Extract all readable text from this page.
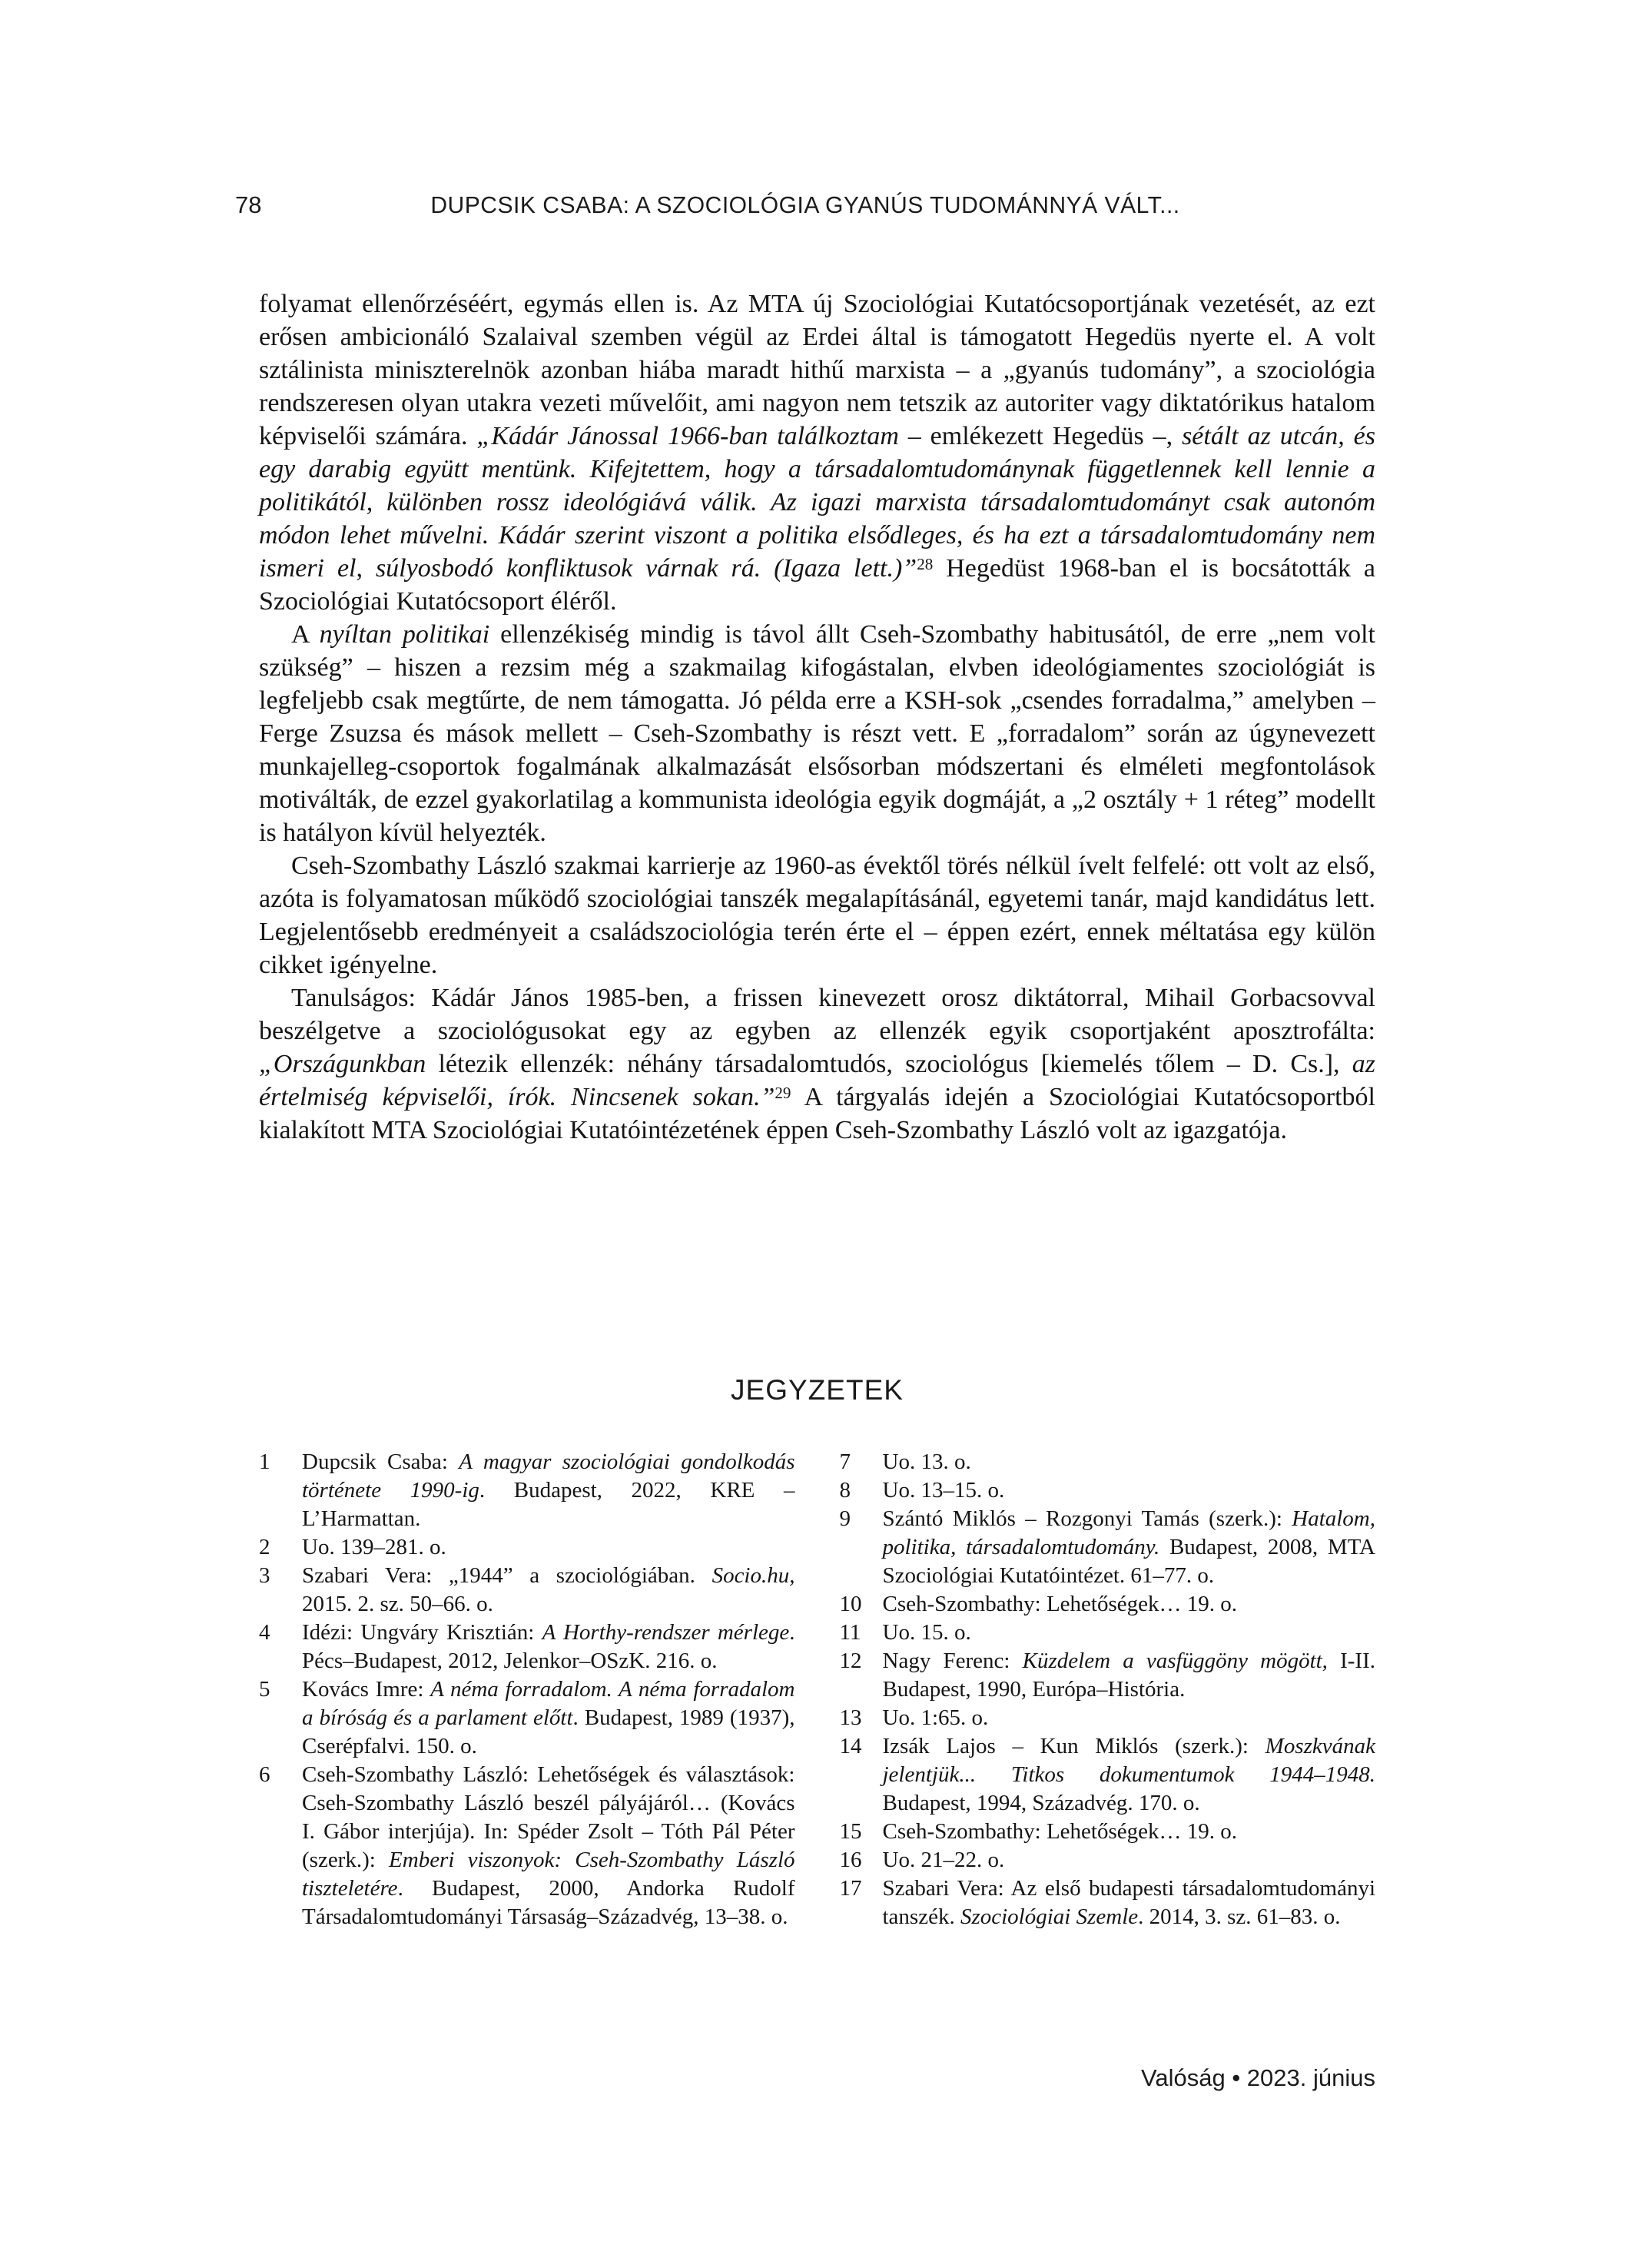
78	DUPCSIK CSABA: A SZOCIOLÓGIA GYANÚS TUDOMÁNNYÁ VÁLT...

folyamat ellenőrzéséért, egymás ellen is. Az MTA új Szociológiai Kutatócsoportjának vezetését, az ezt erősen ambicionáló Szalaival szemben végül az Erdei által is támogatott Hegedüs nyerte el. A volt sztálinista miniszterelnök azonban hiába maradt hithű marxista – a „gyanús tudomány”, a szociológia rendszeresen olyan utakra vezeti művelőit, ami nagyon nem tetszik az autoriter vagy diktatórikus hatalom képviselői számára. „Kádár Jánossal 1966-ban találkoztam – emlékezett Hegedüs –, sétált az utcán, és egy darabig együtt mentünk. Kifejtettem, hogy a társadalomtudománynak függetlennek kell lennie a politikától, különben rossz ideológiává válik. Az igazi marxista társadalomtudományt csak autonóm módon lehet művelni. Kádár szerint viszont a politika elsődleges, és ha ezt a társadalomtudomány nem ismeri el, súlyosbodó konfliktusok várnak rá. (Igaza lett.)”$^{28}$ Hegedüst 1968-ban el is bocsátották a Szociológiai Kutatócsoport éléről.

A nyíltan politikai ellenzékiség mindig is távol állt Cseh-Szombathy habitusától, de erre „nem volt szükség” – hiszen a rezsim még a szakmailag kifogástalan, elvben ideológiamentes szociológiát is legfeljebb csak megtűrte, de nem támogatta. Jó példa erre a KSH-sok „csendes forradalma,” amelyben – Ferge Zsuzsa és mások mellett – Cseh-Szombathy is részt vett. E „forradalom” során az úgynevezett munkajelleg-csoportok fogalmának alkalmazását elsősorban módszertani és elméleti megfontolások motiválták, de ezzel gyakorlatilag a kommunista ideológia egyik dogmáját, a „2 osztály + 1 réteg” modellt is hatályon kívül helyezték.

Cseh-Szombathy László szakmai karrierje az 1960-as évektől törés nélkül ívelt felfelé: ott volt az első, azóta is folyamatosan működő szociológiai tanszék megalapításánál, egyetemi tanár, majd kandidátus lett. Legjelentősebb eredményeit a családszociológia terén érte el – éppen ezért, ennek méltatása egy külön cikket igényelne.

Tanulságos: Kádár János 1985-ben, a frissen kinevezett orosz diktátorral, Mihail Gorbacsovval beszélgetve a szociológusokat egy az egyben az ellenzék egyik csoportjaként aposztrofálta: „Országunkban létezik ellenzék: néhány társadalomtudós, szociológus [kiemelés tőlem – D. Cs.], az értelmiség képviselői, írók. Nincsenek sokan.”$^{29}$ A tárgyalás idején a Szociológiai Kutatócsoportból kialakított MTA Szociológiai Kutatóintézetének éppen Cseh-Szombathy László volt az igazgatója.

JEGYZETEK
1 Dupcsik Csaba: A magyar szociológiai gondolkodás története 1990-ig. Budapest, 2022, KRE – L’Harmattan.
2 Uo. 139–281. o.
3 Szabari Vera: „1944” a szociológiában. Socio.hu, 2015. 2. sz. 50–66. o.
4 Idézi: Ungváry Krisztián: A Horthy-rendszer mérlege. Pécs–Budapest, 2012, Jelenkor–OSzK. 216. o.
5 Kovács Imre: A néma forradalom. A néma forradalom a bíróság és a parlament előtt. Budapest, 1989 (1937), Cserépfalvi. 150. o.
6 Cseh-Szombathy László: Lehetőségek és választások: Cseh-Szombathy László beszél pályájáról… (Kovács I. Gábor interjúja). In: Spéder Zsolt – Tóth Pál Péter (szerk.): Emberi viszonyok: Cseh-Szombathy László tiszteletére. Budapest, 2000, Andorka Rudolf Társadalomtudományi Társaság–Századvég, 13–38. o.
7 Uo. 13. o.
8 Uo. 13–15. o.
9 Szántó Miklós – Rozgonyi Tamás (szerk.): Hatalom, politika, társadalomtudomány. Budapest, 2008, MTA Szociológiai Kutatóintézet. 61–77. o.
10 Cseh-Szombathy: Lehetőségek… 19. o.
11 Uo. 15. o.
12 Nagy Ferenc: Küzdelem a vasfüggöny mögött, I-II. Budapest, 1990, Európa–História.
13 Uo. 1:65. o.
14 Izsák Lajos – Kun Miklós (szerk.): Moszkvának jelentjük... Titkos dokumentumok 1944–1948. Budapest, 1994, Századvég. 170. o.
15 Cseh-Szombathy: Lehetőségek… 19. o.
16 Uo. 21–22. o.
17 Szabari Vera: Az első budapesti társadalomtudományi tanszék. Szociológiai Szemle. 2014, 3. sz. 61–83. o.
Valóság • 2023. június
